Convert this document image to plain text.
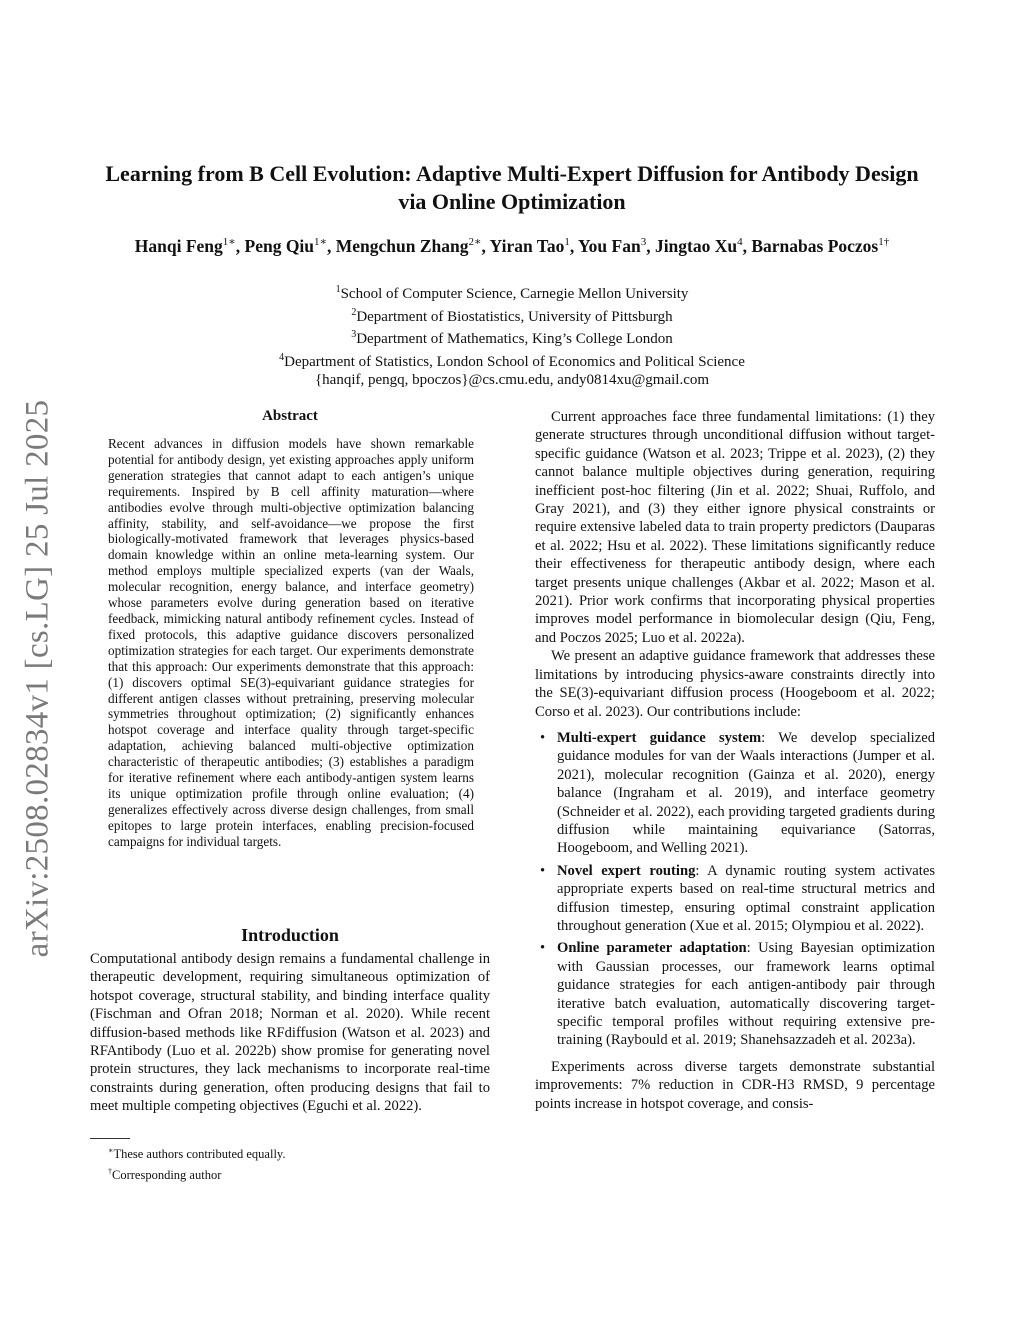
arXiv:2508.02834v1 [cs.LG] 25 Jul 2025
Learning from B Cell Evolution: Adaptive Multi-Expert Diffusion for Antibody Design via Online Optimization
Hanqi Feng$^{1∗}$, Peng Qiu$^{1∗}$, Mengchun Zhang$^{2∗}$, Yiran Tao$^1$, You Fan$^3$, Jingtao Xu$^4$, Barnabas Poczos$^{1\dagger}$

$^1$School of Computer Science, Carnegie Mellon University

$^2$Department of Biostatistics, University of Pittsburgh

$^3$Department of Mathematics, King’s College London

$^4$Department of Statistics, London School of Economics and Political Science

{hanqif, pengq, bpoczos}@cs.cmu.edu, andy0814xu@gmail.com

Abstract
Recent advances in diffusion models have shown remarkable potential for antibody design, yet existing approaches apply uniform generation strategies that cannot adapt to each antigen’s unique requirements. Inspired by B cell affinity maturation—where antibodies evolve through multi-objective optimization balancing affinity, stability, and self-avoidance—we propose the first biologically-motivated framework that leverages physics-based domain knowledge within an online meta-learning system. Our method employs multiple specialized experts (van der Waals, molecular recognition, energy balance, and interface geometry) whose parameters evolve during generation based on iterative feedback, mimicking natural antibody refinement cycles. Instead of fixed protocols, this adaptive guidance discovers personalized optimization strategies for each target. Our experiments demonstrate that this approach: Our experiments demonstrate that this approach: (1) discovers optimal SE(3)-equivariant guidance strategies for different antigen classes without pretraining, preserving molecular symmetries throughout optimization; (2) significantly enhances hotspot coverage and interface quality through target-specific adaptation, achieving balanced multi-objective optimization characteristic of therapeutic antibodies; (3) establishes a paradigm for iterative refinement where each antibody-antigen system learns its unique optimization profile through online evaluation; (4) generalizes effectively across diverse design challenges, from small epitopes to large protein interfaces, enabling precision-focused campaigns for individual targets.
Introduction
Computational antibody design remains a fundamental challenge in therapeutic development, requiring simultaneous optimization of hotspot coverage, structural stability, and binding interface quality (Fischman and Ofran 2018; Norman et al. 2020). While recent diffusion-based methods like RFdiffusion (Watson et al. 2023) and RFAntibody (Luo et al. 2022b) show promise for generating novel protein structures, they lack mechanisms to incorporate real-time constraints during generation, often producing designs that fail to meet multiple competing objectives (Eguchi et al. 2022).

∗These authors contributed equally.

†Corresponding author

Current approaches face three fundamental limitations: (1) they generate structures through unconditional diffusion without target-specific guidance (Watson et al. 2023; Trippe et al. 2023), (2) they cannot balance multiple objectives during generation, requiring inefficient post-hoc filtering (Jin et al. 2022; Shuai, Ruffolo, and Gray 2021), and (3) they either ignore physical constraints or require extensive labeled data to train property predictors (Dauparas et al. 2022; Hsu et al. 2022). These limitations significantly reduce their effectiveness for therapeutic antibody design, where each target presents unique challenges (Akbar et al. 2022; Mason et al. 2021). Prior work confirms that incorporating physical properties improves model performance in biomolecular design (Qiu, Feng, and Poczos 2025; Luo et al. 2022a).

We present an adaptive guidance framework that addresses these limitations by introducing physics-aware constraints directly into the SE(3)-equivariant diffusion process (Hoogeboom et al. 2022; Corso et al. 2023). Our contributions include:

• Multi-expert guidance system: We develop specialized guidance modules for van der Waals interactions (Jumper et al. 2021), molecular recognition (Gainza et al. 2020), energy balance (Ingraham et al. 2019), and interface geometry (Schneider et al. 2022), each providing targeted gradients during diffusion while maintaining equivariance (Satorras, Hoogeboom, and Welling 2021).
• Novel expert routing: A dynamic routing system activates appropriate experts based on real-time structural metrics and diffusion timestep, ensuring optimal constraint application throughout generation (Xue et al. 2015; Olympiou et al. 2022).
• Online parameter adaptation: Using Bayesian optimization with Gaussian processes, our framework learns optimal guidance strategies for each antigen-antibody pair through iterative batch evaluation, automatically discovering target-specific temporal profiles without requiring extensive pre-training (Raybould et al. 2019; Shanehsazzadeh et al. 2023a).

Experiments across diverse targets demonstrate substantial improvements: 7% reduction in CDR-H3 RMSD, 9 percentage points increase in hotspot coverage, and consis-
